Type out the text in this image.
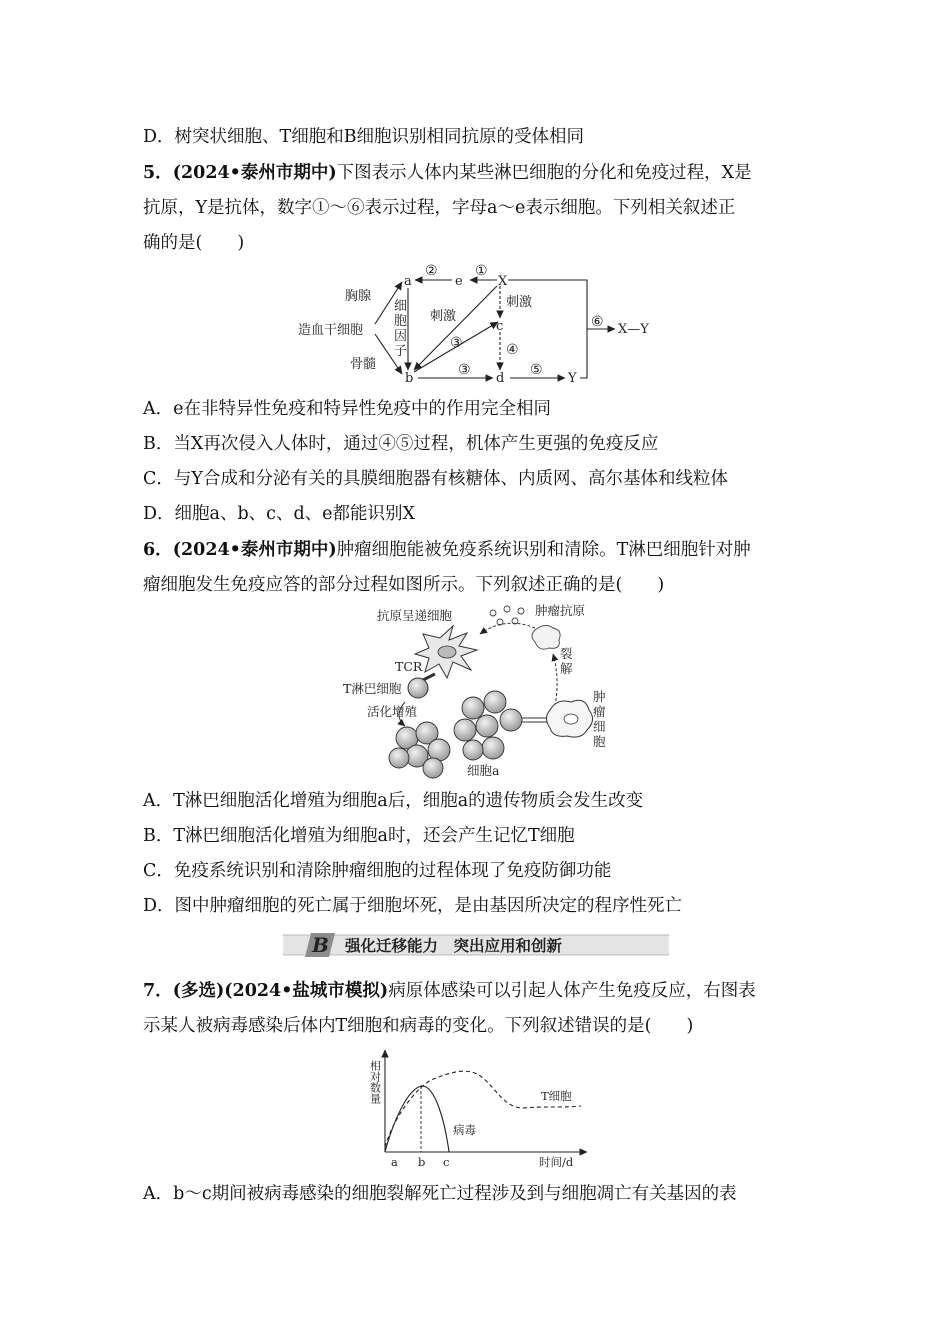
D．树突状细胞、T细胞和B细胞识别相同抗原的受体相同
5．(2024•泰州市期中)下图表示人体内某些淋巴细胞的分化和免疫过程，X是
抗原，Y是抗体，数字①～⑥表示过程，字母a～e表示细胞。下列相关叙述正
确的是(　　)
胸腺
造血干细胞
骨髓
细
胞
因
子
刺激
刺激
a	e	X
c
b	d	Y
X—Y
①
②
③
③
④
⑤
⑥
A．e在非特异性免疫和特异性免疫中的作用完全相同
B．当X再次侵入人体时，通过④⑤过程，机体产生更强的免疫反应
C．与Y合成和分泌有关的具膜细胞器有核糖体、内质网、高尔基体和线粒体
D．细胞a、b、c、d、e都能识别X
6．(2024•泰州市期中)肿瘤细胞能被免疫系统识别和清除。T淋巴细胞针对肿
瘤细胞发生免疫应答的部分过程如图所示。下列叙述正确的是(　　)
抗原呈递细胞	肿瘤抗原
TCR
T淋巴细胞
活化增殖
裂
解
肿
瘤
细
胞
细胞a
A．T淋巴细胞活化增殖为细胞a后，细胞a的遗传物质会发生改变
B．T淋巴细胞活化增殖为细胞a时，还会产生记忆T细胞
C．免疫系统识别和清除肿瘤细胞的过程体现了免疫防御功能
D．图中肿瘤细胞的死亡属于细胞坏死，是由基因所决定的程序性死亡
B 强化迁移能力　突出应用和创新
7．(多选)(2024•盐城市模拟)病原体感染可以引起人体产生免疫反应，右图表
示某人被病毒感染后体内T细胞和病毒的变化。下列叙述错误的是(　　)
相对数量
时间/d
a b c
T细胞
病毒
A．b～c期间被病毒感染的细胞裂解死亡过程涉及到与细胞凋亡有关基因的表
